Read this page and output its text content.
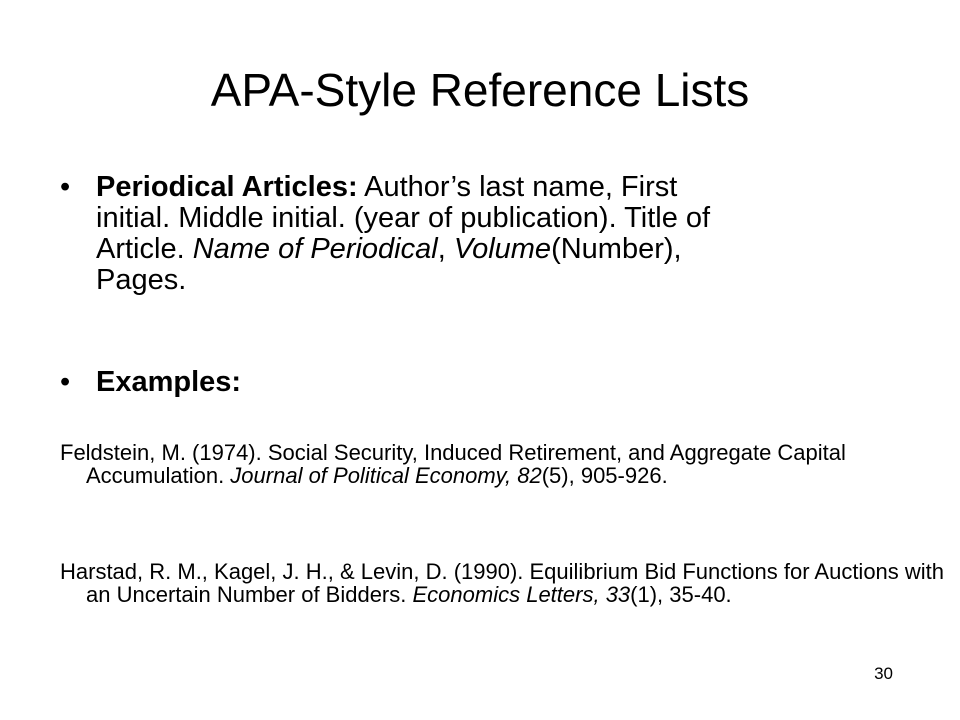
APA-Style Reference Lists
• Periodical Articles: Author’s last name, First
initial. Middle initial. (year of publication). Title of
Article. Name of Periodical, Volume(Number),
Pages.
• Examples:
Feldstein, M. (1974). Social Security, Induced Retirement, and Aggregate Capital Accumulation. Journal of Political Economy, 82(5), 905-926.
Harstad, R. M., Kagel, J. H., & Levin, D. (1990). Equilibrium Bid Functions for Auctions with an Uncertain Number of Bidders. Economics Letters, 33(1), 35-40.
30
